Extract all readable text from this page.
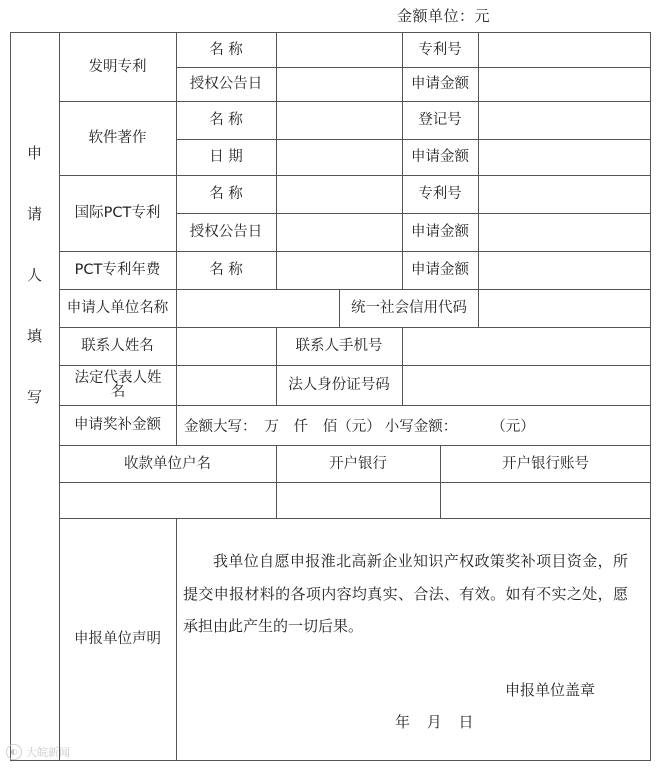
金额单位：元
申
请
人
填
写
发明专利
名 称	专利号
授权公告日	申请金额
软件著作
名 称	登记号
日 期	申请金额
国际PCT专利
名 称	专利号
授权公告日	申请金额
PCT专利年费	名 称	申请金额
申请人单位名称	统一社会信用代码
联系人姓名	联系人手机号
法定代表人姓名	法人身份证号码
申请奖补金额	金额大写： 万 仟 佰（元） 小写金额： （元）
收款单位户名	开户银行	开户银行账号
申报单位声明
我单位自愿申报淮北高新企业知识产权政策奖补项目资金，所提交申报材料的各项内容均真实、合法、有效。如有不实之处，愿承担由此产生的一切后果。
申报单位盖章
年 月 日
◐ 大皖新闻
